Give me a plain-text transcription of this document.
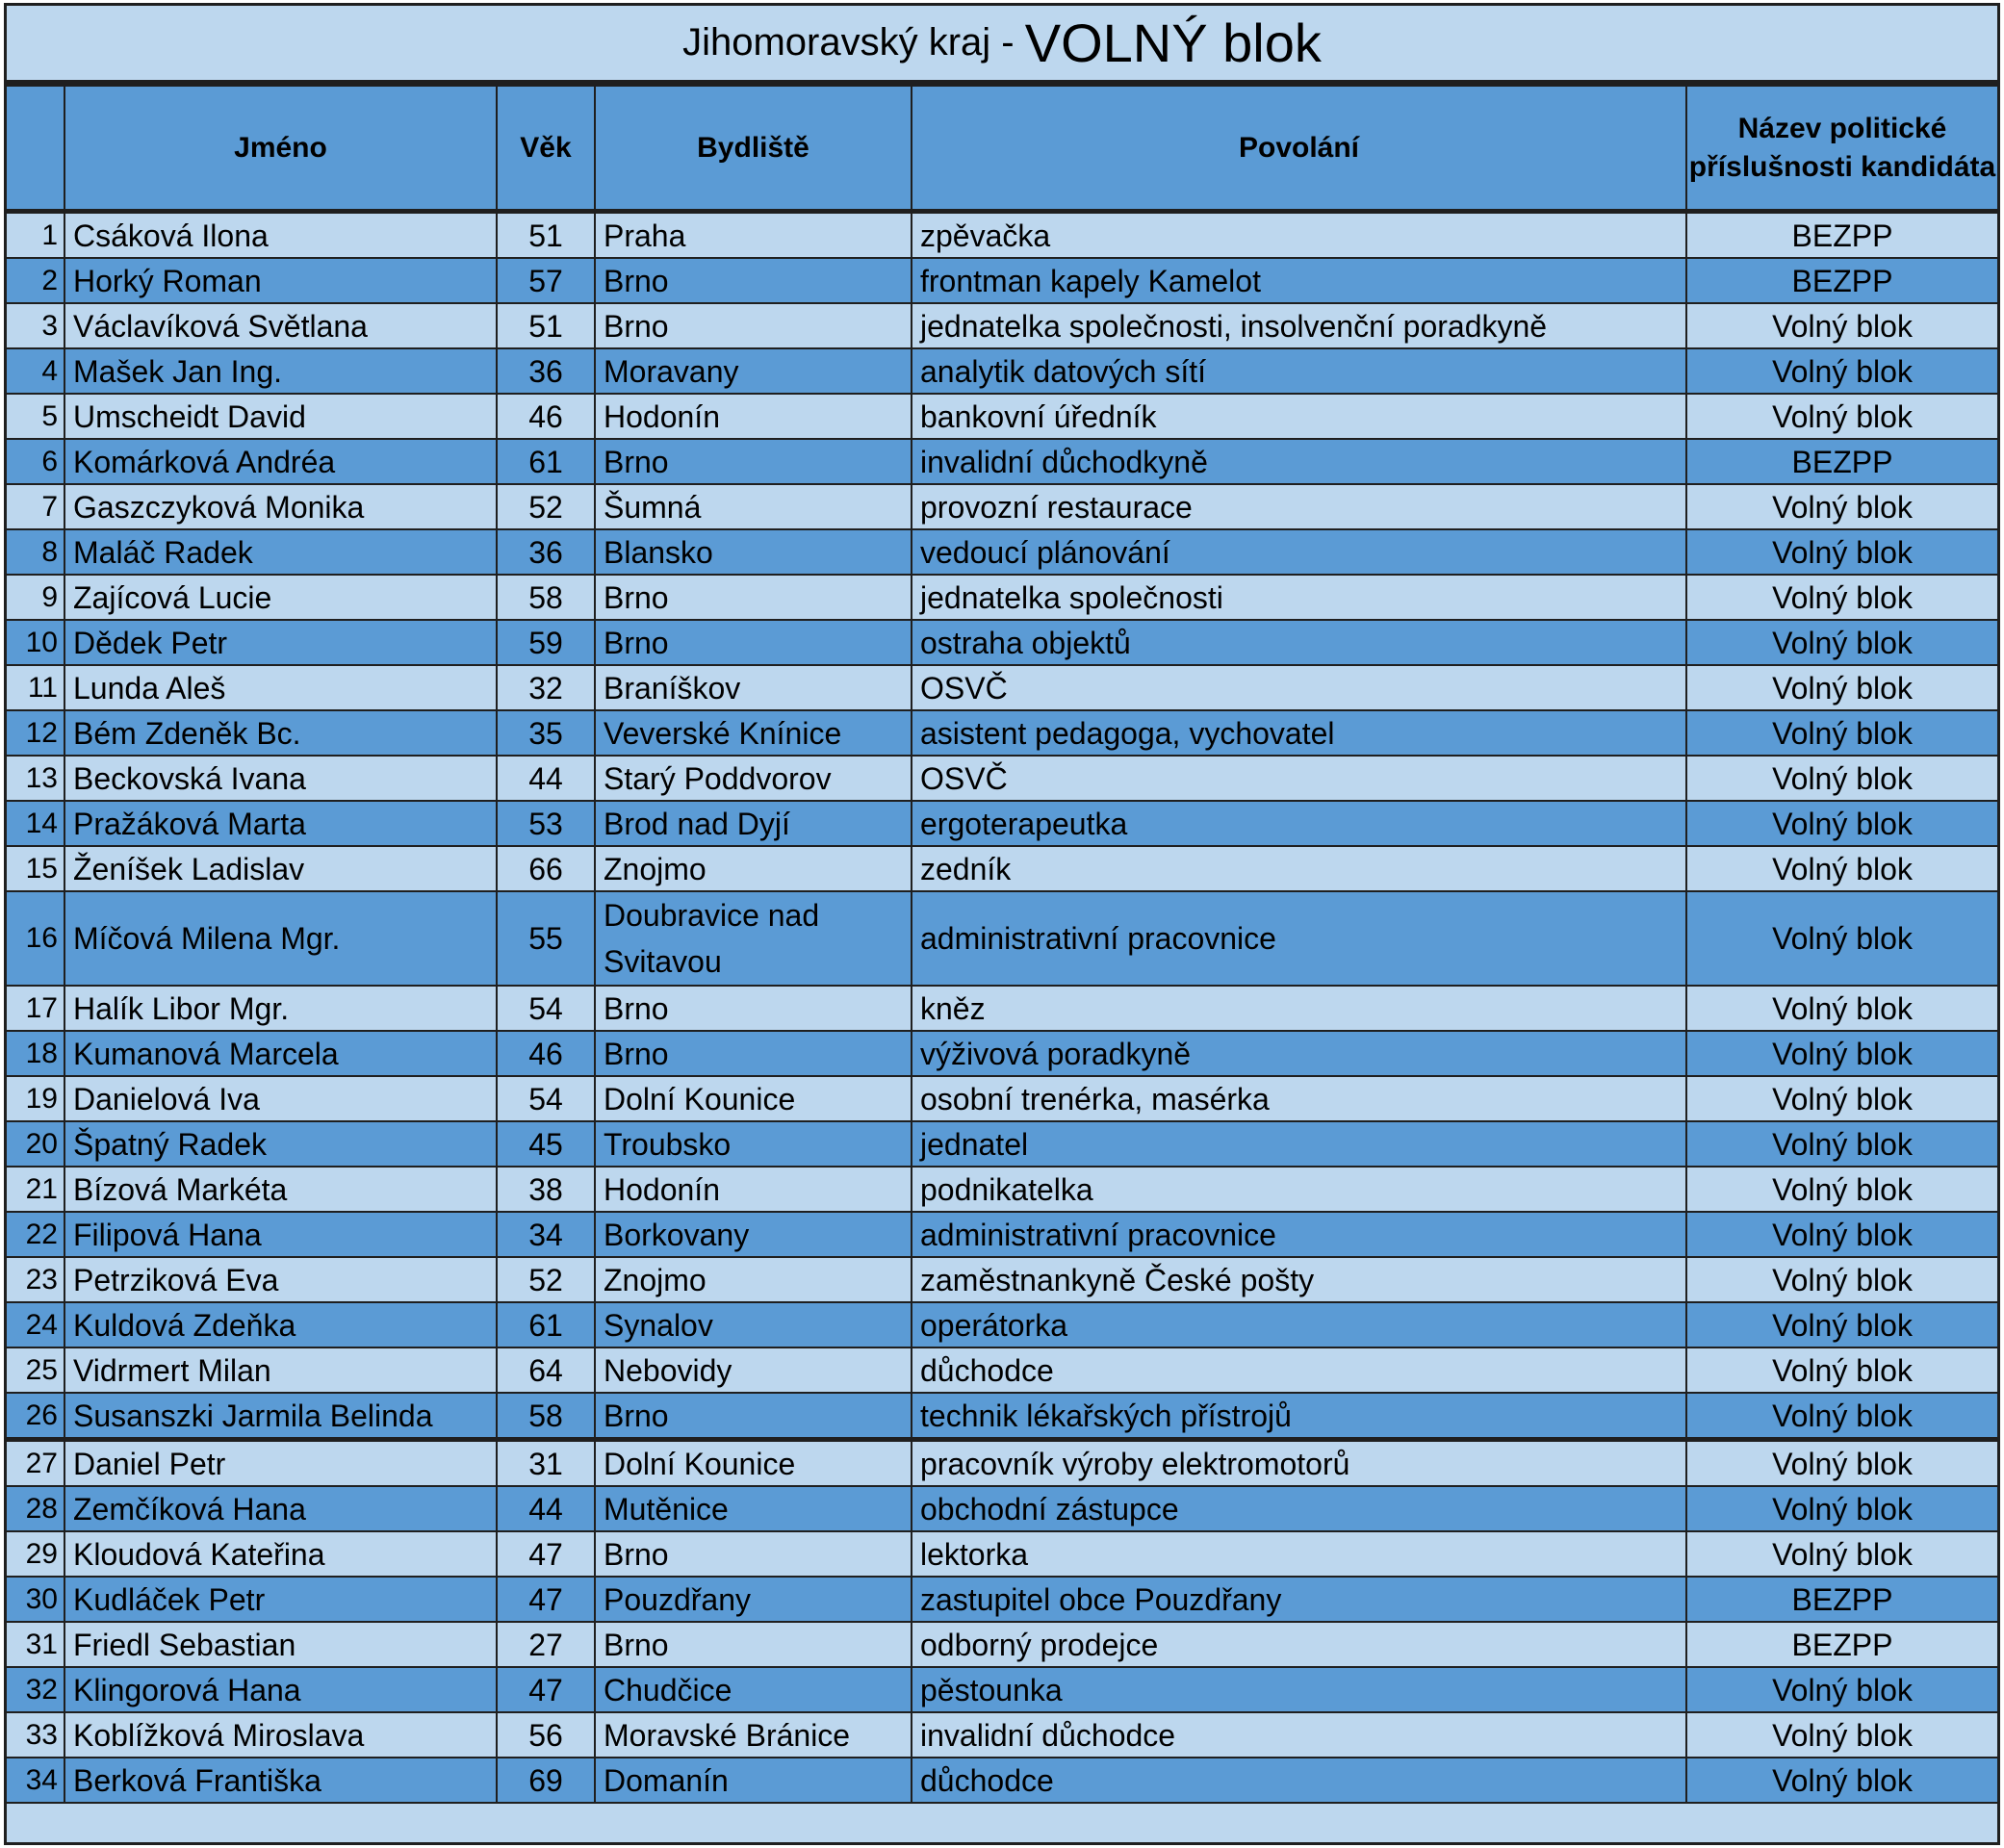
Jihomoravský kraj - VOLNÝ blok
	Jméno	Věk	Bydliště	Povolání	Název politické příslušnosti kandidáta
1	Csáková Ilona	51	Praha	zpěvačka	BEZPP
2	Horký Roman	57	Brno	frontman kapely Kamelot	BEZPP
3	Václavíková Světlana	51	Brno	jednatelka společnosti, insolvenční poradkyně	Volný blok
4	Mašek Jan Ing.	36	Moravany	analytik datových sítí	Volný blok
5	Umscheidt David	46	Hodonín	bankovní úředník	Volný blok
6	Komárková Andréa	61	Brno	invalidní důchodkyně	BEZPP
7	Gaszczyková Monika	52	Šumná	provozní restaurace	Volný blok
8	Maláč Radek	36	Blansko	vedoucí plánování	Volný blok
9	Zajícová Lucie	58	Brno	jednatelka společnosti	Volný blok
10	Dědek Petr	59	Brno	ostraha objektů	Volný blok
11	Lunda Aleš	32	Braníškov	OSVČ	Volný blok
12	Bém Zdeněk Bc.	35	Veverské Knínice	asistent pedagoga, vychovatel	Volný blok
13	Beckovská Ivana	44	Starý Poddvorov	OSVČ	Volný blok
14	Pražáková Marta	53	Brod nad Dyjí	ergoterapeutka	Volný blok
15	Ženíšek Ladislav	66	Znojmo	zedník	Volný blok
16	Míčová Milena Mgr.	55	Doubravice nad Svitavou	administrativní pracovnice	Volný blok
17	Halík Libor Mgr.	54	Brno	kněz	Volný blok
18	Kumanová Marcela	46	Brno	výživová poradkyně	Volný blok
19	Danielová Iva	54	Dolní Kounice	osobní trenérka, masérka	Volný blok
20	Špatný Radek	45	Troubsko	jednatel	Volný blok
21	Bízová Markéta	38	Hodonín	podnikatelka	Volný blok
22	Filipová Hana	34	Borkovany	administrativní pracovnice	Volný blok
23	Petrziková Eva	52	Znojmo	zaměstnankyně České pošty	Volný blok
24	Kuldová Zdeňka	61	Synalov	operátorka	Volný blok
25	Vidrmert Milan	64	Nebovidy	důchodce	Volný blok
26	Susanszki Jarmila Belinda	58	Brno	technik lékařských přístrojů	Volný blok
27	Daniel Petr	31	Dolní Kounice	pracovník výroby elektromotorů	Volný blok
28	Zemčíková Hana	44	Mutěnice	obchodní zástupce	Volný blok
29	Kloudová Kateřina	47	Brno	lektorka	Volný blok
30	Kudláček Petr	47	Pouzdřany	zastupitel obce Pouzdřany	BEZPP
31	Friedl Sebastian	27	Brno	odborný prodejce	BEZPP
32	Klingorová Hana	47	Chudčice	pěstounka	Volný blok
33	Koblížková Miroslava	56	Moravské Bránice	invalidní důchodce	Volný blok
34	Berková Františka	69	Domanín	důchodce	Volný blok
